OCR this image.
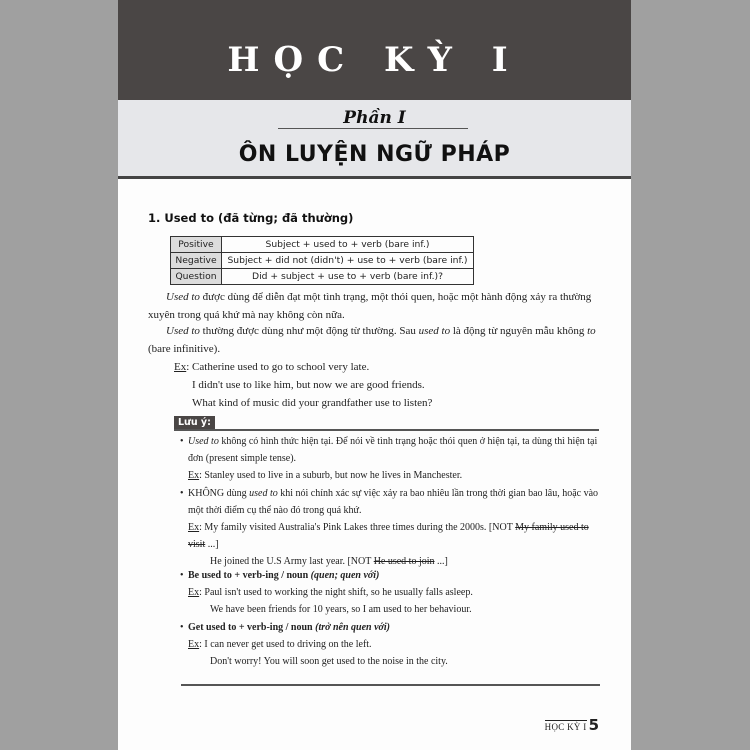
HỌC KỲ I
Phần I
ÔN LUYỆN NGỮ PHÁP
1. Used to (đã từng; đã thường)
Positive	Subject + used to + verb (bare inf.)
Negative	Subject + did not (didn't) + use to + verb (bare inf.)
Question	Did + subject + use to + verb (bare inf.)?
Used to được dùng để diễn đạt một tình trạng, một thói quen, hoặc một hành động xảy ra thường xuyên trong quá khứ mà nay không còn nữa.
Used to thường được dùng như một động từ thường. Sau used to là động từ nguyên mẫu không to (bare infinitive).
Ex: Catherine used to go to school very late.
I didn't use to like him, but now we are good friends.
What kind of music did your grandfather use to listen?
Lưu ý:
• Used to không có hình thức hiện tại. Để nói về tình trạng hoặc thói quen ở hiện tại, ta dùng thì hiện tại đơn (present simple tense).
Ex: Stanley used to live in a suburb, but now he lives in Manchester.
• KHÔNG dùng used to khi nói chính xác sự việc xảy ra bao nhiêu lần trong thời gian bao lâu, hoặc vào một thời điểm cụ thể nào đó trong quá khứ.
Ex: My family visited Australia's Pink Lakes three times during the 2000s. [NOT My family used to visit ...]
He joined the U.S Army last year. [NOT He used to join ...]
• Be used to + verb-ing / noun (quen; quen với)
Ex: Paul isn't used to working the night shift, so he usually falls asleep.
We have been friends for 10 years, so I am used to her behaviour.
• Get used to + verb-ing / noun (trở nên quen với)
Ex: I can never get used to driving on the left.
Don't worry! You will soon get used to the noise in the city.
HỌC KỲ I 5
